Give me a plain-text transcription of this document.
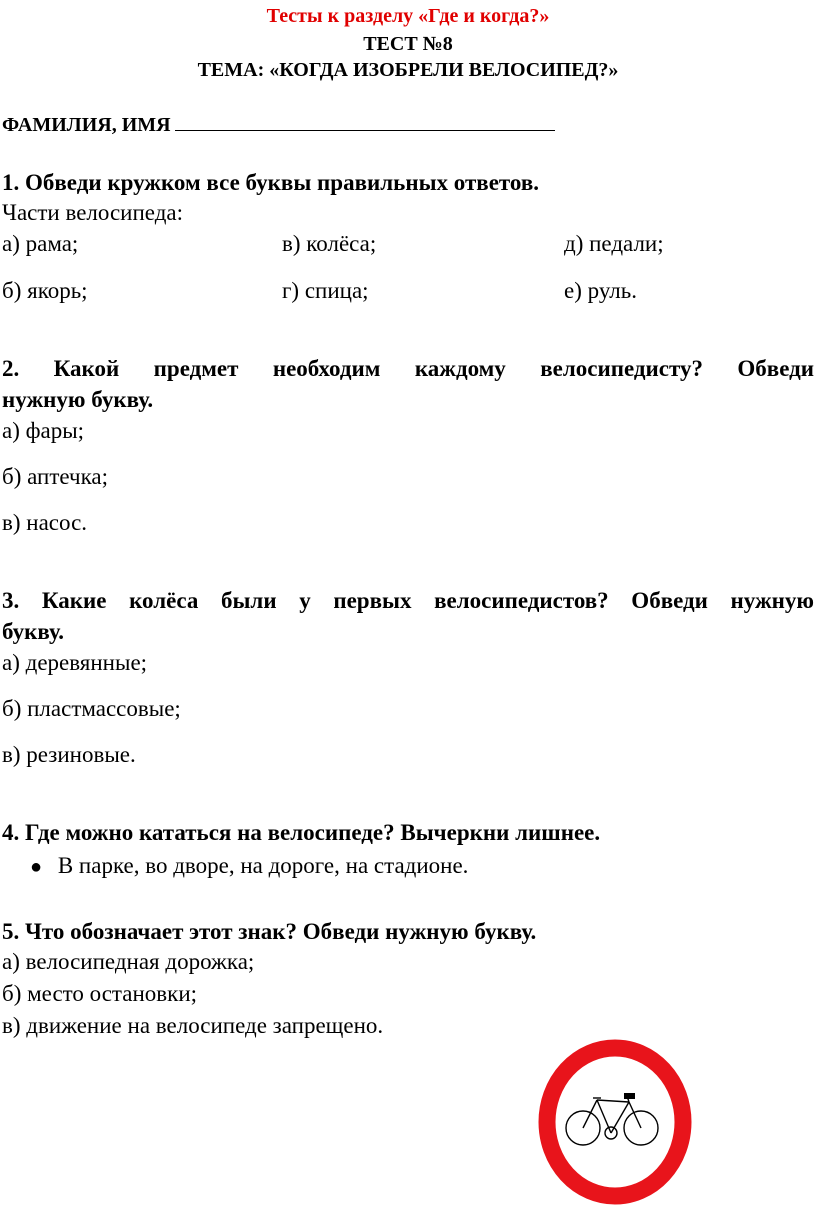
Тесты к разделу «Где и когда?»
ТЕСТ №8
ТЕМА: «КОГДА ИЗОБРЕЛИ ВЕЛОСИПЕД?»
ФАМИЛИЯ, ИМЯ
1. Обведи кружком все буквы правильных ответов.
Части велосипеда:
а) рама;	в) колёса;	д) педали;
б) якорь;	г) спица;	е) руль.
2. Какой предмет необходим каждому велосипедисту? Обведи
нужную букву.
а) фары;
б) аптечка;
в) насос.
3. Какие колёса были у первых велосипедистов? Обведи нужную
букву.
а) деревянные;
б) пластмассовые;
в) резиновые.
4. Где можно кататься на велосипеде? Вычеркни лишнее.
● В парке, во дворе, на дороге, на стадионе.
5. Что обозначает этот знак? Обведи нужную букву.
а) велосипедная дорожка;
б) место остановки;
в) движение на велосипеде запрещено.
